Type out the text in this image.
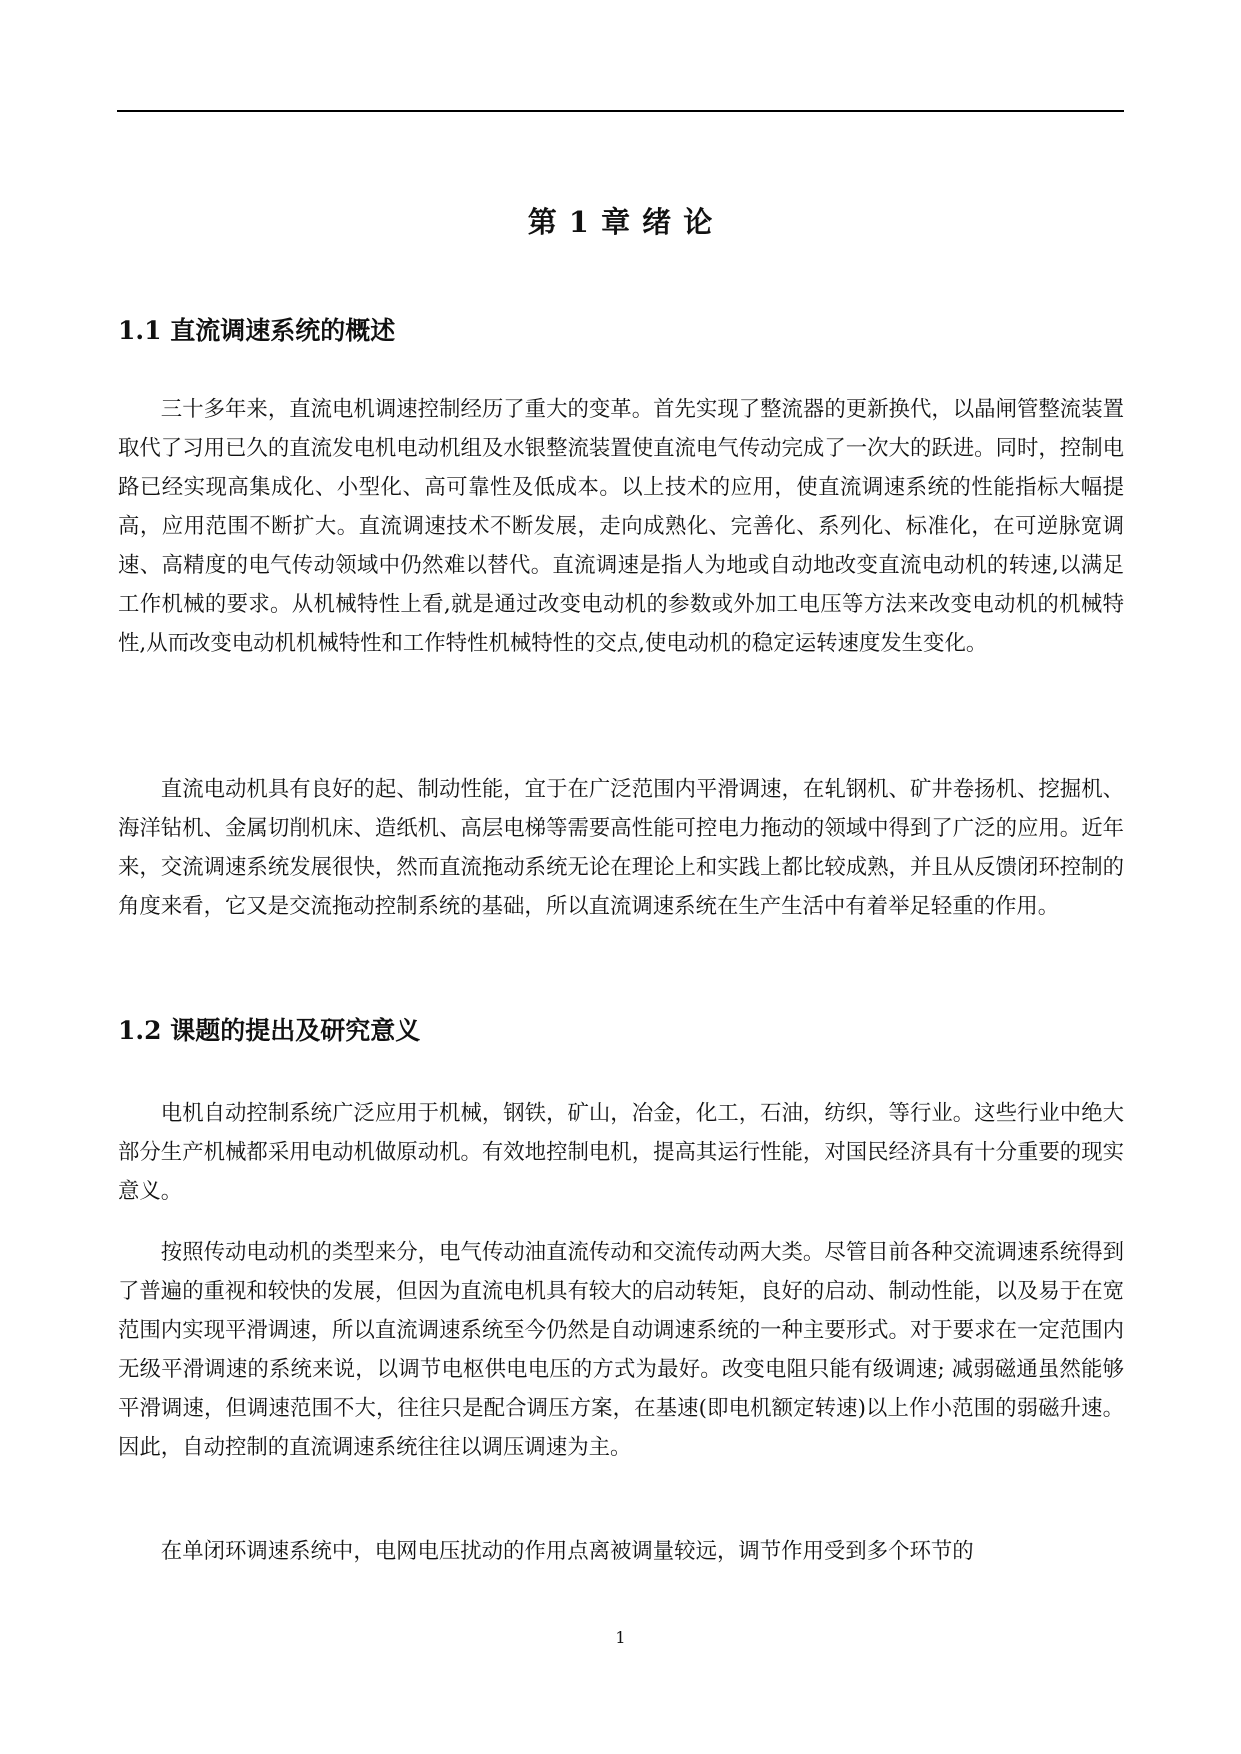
第 1 章 绪 论
1.1 直流调速系统的概述

三十多年来，直流电机调速控制经历了重大的变革。首先实现了整流器的更新换代，以晶闸管整流装置取代了习用已久的直流发电机电动机组及水银整流装置使直流电气传动完成了一次大的跃进。同时，控制电路已经实现高集成化、小型化、高可靠性及低成本。以上技术的应用，使直流调速系统的性能指标大幅提高，应用范围不断扩大。直流调速技术不断发展，走向成熟化、完善化、系列化、标准化，在可逆脉宽调速、高精度的电气传动领域中仍然难以替代。直流调速是指人为地或自动地改变直流电动机的转速,以满足工作机械的要求。从机械特性上看,就是通过改变电动机的参数或外加工电压等方法来改变电动机的机械特性,从而改变电动机机械特性和工作特性机械特性的交点,使电动机的稳定运转速度发生变化。

直流电动机具有良好的起、制动性能，宜于在广泛范围内平滑调速，在轧钢机、矿井卷扬机、挖掘机、海洋钻机、金属切削机床、造纸机、高层电梯等需要高性能可控电力拖动的领域中得到了广泛的应用。近年来，交流调速系统发展很快，然而直流拖动系统无论在理论上和实践上都比较成熟，并且从反馈闭环控制的角度来看，它又是交流拖动控制系统的基础，所以直流调速系统在生产生活中有着举足轻重的作用。

1.2 课题的提出及研究意义

电机自动控制系统广泛应用于机械，钢铁，矿山，冶金，化工，石油，纺织，等行业。这些行业中绝大部分生产机械都采用电动机做原动机。有效地控制电机，提高其运行性能，对国民经济具有十分重要的现实意义。

按照传动电动机的类型来分，电气传动油直流传动和交流传动两大类。尽管目前各种交流调速系统得到了普遍的重视和较快的发展，但因为直流电机具有较大的启动转矩，良好的启动、制动性能，以及易于在宽范围内实现平滑调速，所以直流调速系统至今仍然是自动调速系统的一种主要形式。对于要求在一定范围内无级平滑调速的系统来说，以调节电枢供电电压的方式为最好。改变电阻只能有级调速; 减弱磁通虽然能够平滑调速，但调速范围不大，往往只是配合调压方案，在基速(即电机额定转速)以上作小范围的弱磁升速。因此，自动控制的直流调速系统往往以调压调速为主。

在单闭环调速系统中，电网电压扰动的作用点离被调量较远，调节作用受到多个环节的

1
